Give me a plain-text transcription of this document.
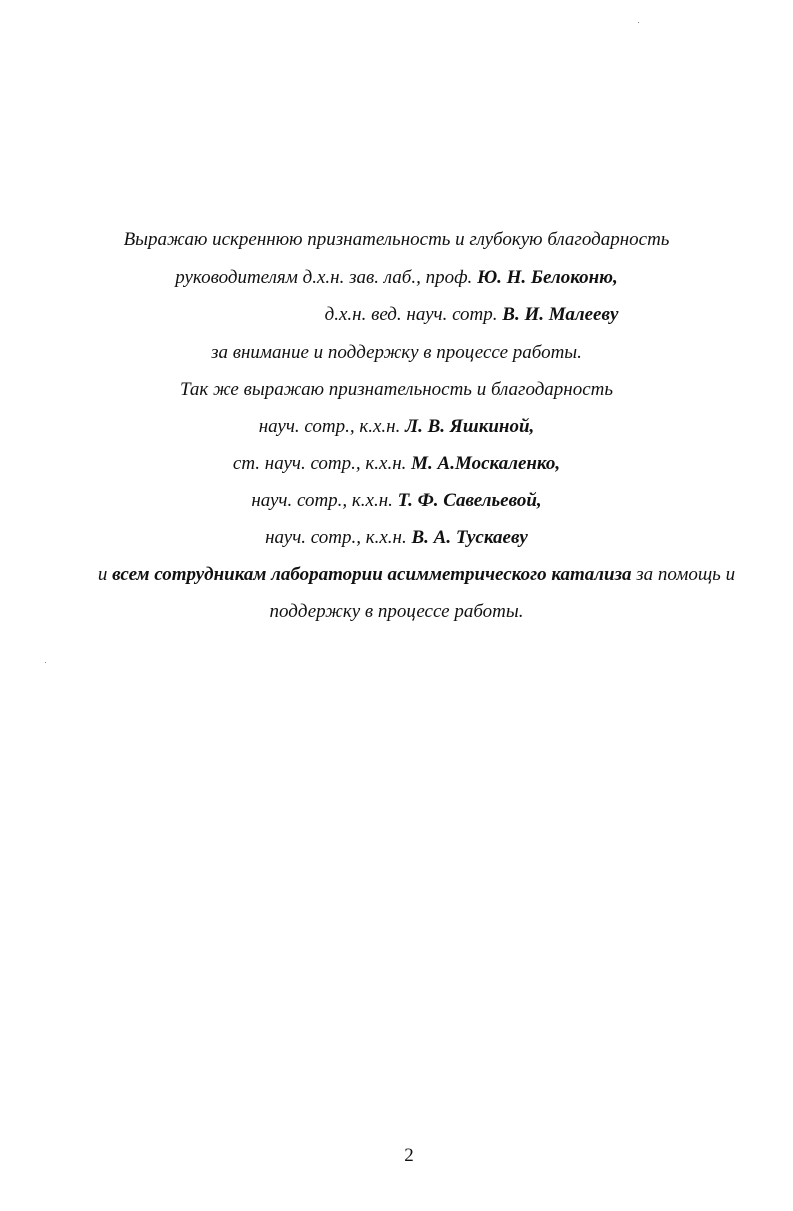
Выражаю искреннюю признательность и глубокую благодарность
руководителям д.х.н. зав. лаб., проф. Ю. Н. Белоконю,
д.х.н. вед. науч. сотр. В. И. Малееву
за внимание и поддержку в процессе работы.
Так же выражаю признательность и благодарность
науч. сотр., к.х.н. Л. В. Яшкиной,
ст. науч. сотр., к.х.н. М. А.Москаленко,
науч. сотр., к.х.н. Т. Ф. Савельевой,
науч. сотр., к.х.н. В. А. Тускаеву
и всем сотрудникам лаборатории асимметрического катализа за помощь и
поддержку в процессе работы.
2
